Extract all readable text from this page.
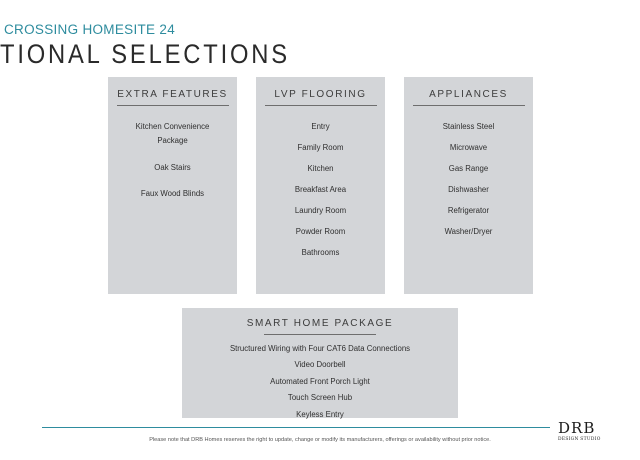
CROSSING HOMESITE 24
TIONAL SELECTIONS
EXTRA FEATURES
Kitchen Convenience Package
Oak Stairs
Faux Wood Blinds
LVP FLOORING
Entry
Family Room
Kitchen
Breakfast Area
Laundry Room
Powder Room
Bathrooms
APPLIANCES
Stainless Steel
Microwave
Gas Range
Dishwasher
Refrigerator
Washer/Dryer
SMART HOME PACKAGE
Structured Wiring with Four CAT6 Data Connections
Video Doorbell
Automated Front Porch Light
Touch Screen Hub
Keyless Entry
Please note that DRB Homes reserves the right to update, change or modify its manufacturers, offerings or availability without prior notice.
DRB
DESIGN STUDIO
